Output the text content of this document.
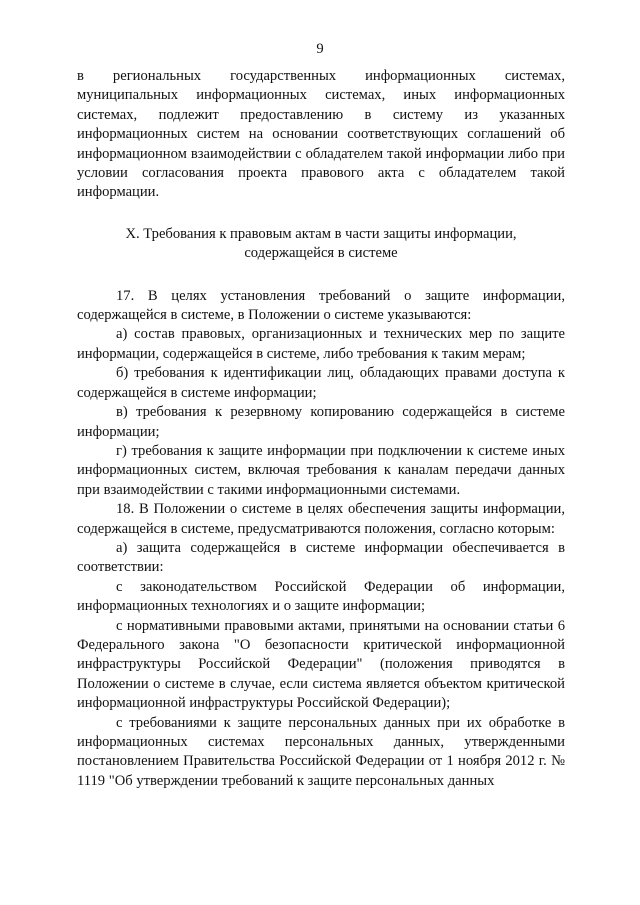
9

в региональных государственных информационных системах, муниципальных информационных системах, иных информационных системах, подлежит предоставлению в систему из указанных информационных систем на основании соответствующих соглашений об информационном взаимодействии с обладателем такой информации либо при условии согласования проекта правового акта с обладателем такой информации.

X. Требования к правовым актам в части защиты информации,
содержащейся в системе

17. В целях установления требований о защите информации, содержащейся в системе, в Положении о системе указываются:

а) состав правовых, организационных и технических мер по защите информации, содержащейся в системе, либо требования к таким мерам;

б) требования к идентификации лиц, обладающих правами доступа к содержащейся в системе информации;

в) требования к резервному копированию содержащейся в системе информации;

г) требования к защите информации при подключении к системе иных информационных систем, включая требования к каналам передачи данных при взаимодействии с такими информационными системами.

18. В Положении о системе в целях обеспечения защиты информации, содержащейся в системе, предусматриваются положения, согласно которым:

а) защита содержащейся в системе информации обеспечивается в соответствии:

с законодательством Российской Федерации об информации, информационных технологиях и о защите информации;

с нормативными правовыми актами, принятыми на основании статьи 6 Федерального закона "О безопасности критической информационной инфраструктуры Российской Федерации" (положения приводятся в Положении о системе в случае, если система является объектом критической информационной инфраструктуры Российской Федерации);

с требованиями к защите персональных данных при их обработке в информационных системах персональных данных, утвержденными постановлением Правительства Российской Федерации от 1 ноября 2012 г. № 1119 "Об утверждении требований к защите персональных данных
